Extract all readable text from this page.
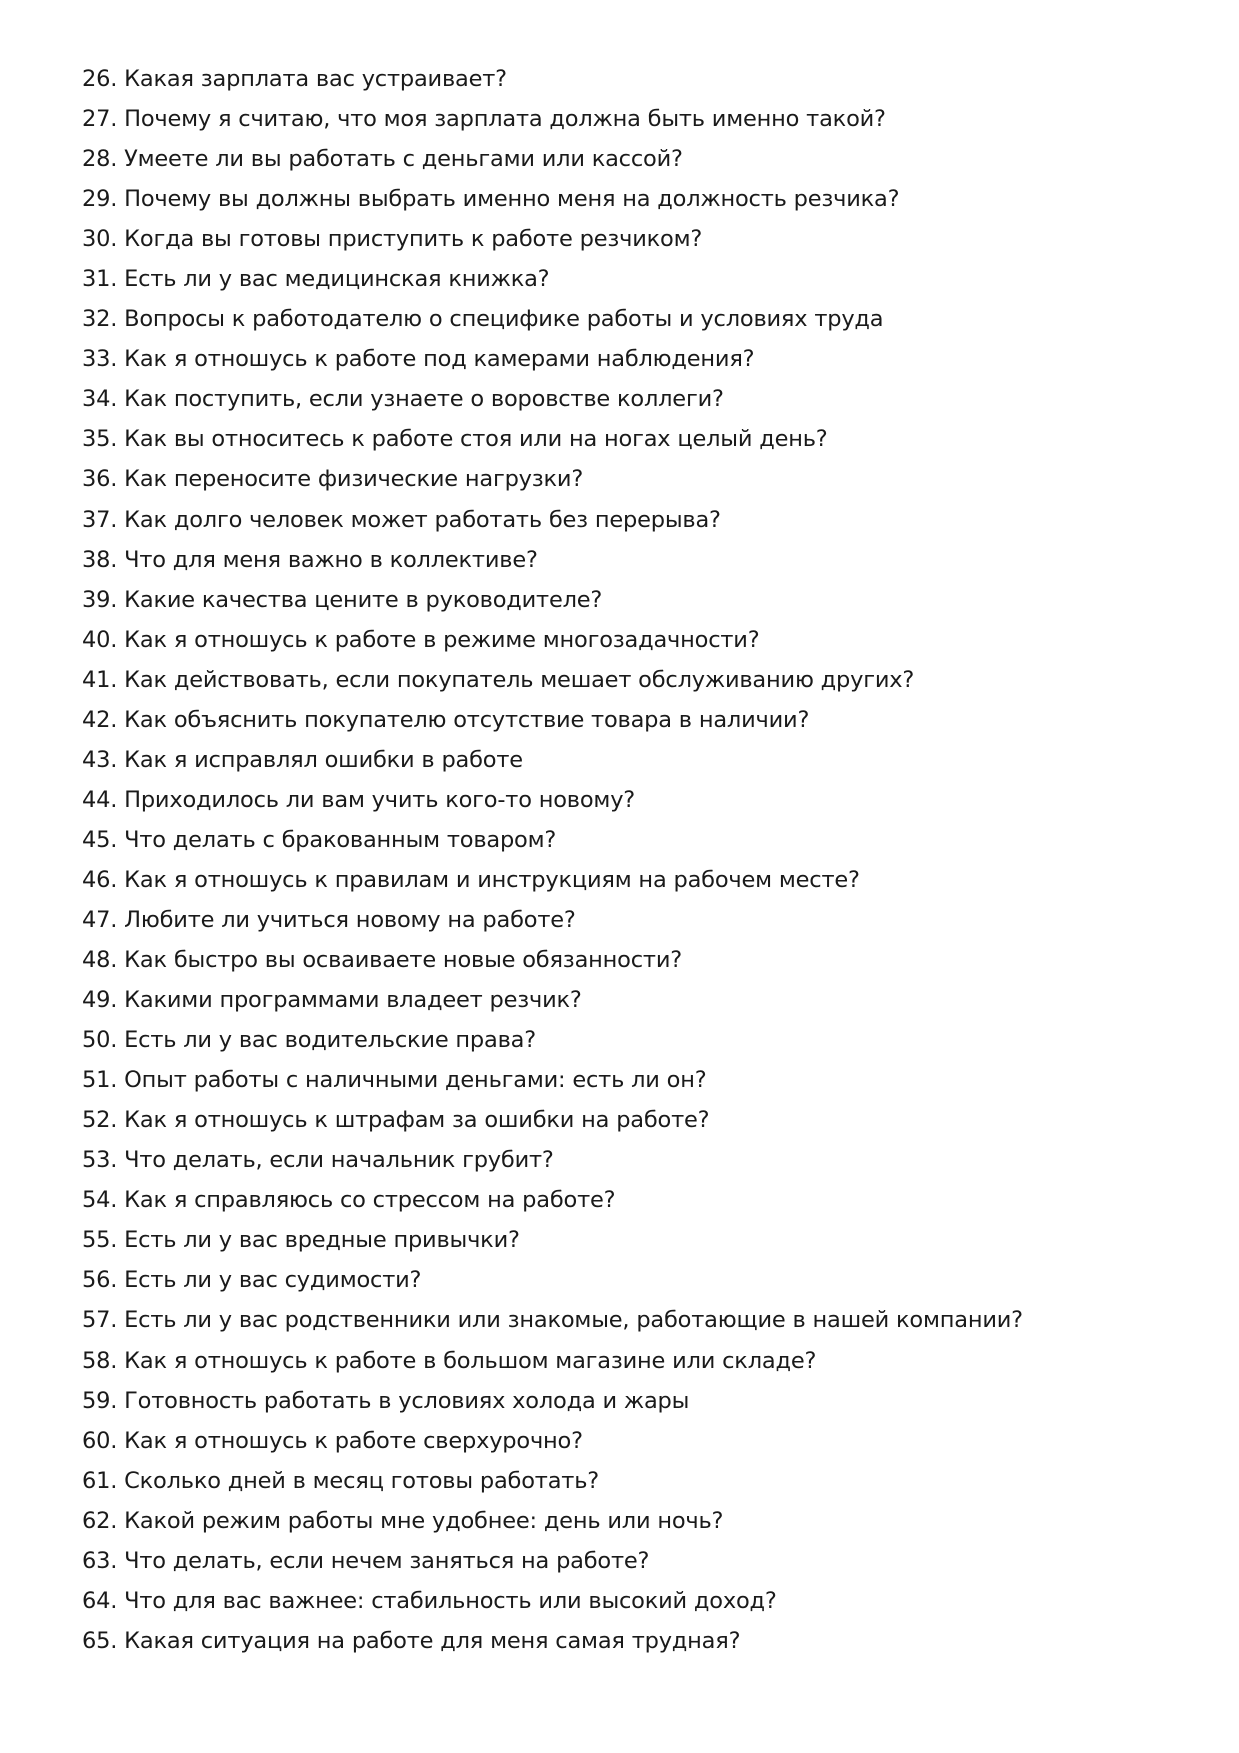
26. Какая зарплата вас устраивает?
27. Почему я считаю, что моя зарплата должна быть именно такой?
28. Умеете ли вы работать с деньгами или кассой?
29. Почему вы должны выбрать именно меня на должность резчика?
30. Когда вы готовы приступить к работе резчиком?
31. Есть ли у вас медицинская книжка?
32. Вопросы к работодателю о специфике работы и условиях труда
33. Как я отношусь к работе под камерами наблюдения?
34. Как поступить, если узнаете о воровстве коллеги?
35. Как вы относитесь к работе стоя или на ногах целый день?
36. Как переносите физические нагрузки?
37. Как долго человек может работать без перерыва?
38. Что для меня важно в коллективе?
39. Какие качества цените в руководителе?
40. Как я отношусь к работе в режиме многозадачности?
41. Как действовать, если покупатель мешает обслуживанию других?
42. Как объяснить покупателю отсутствие товара в наличии?
43. Как я исправлял ошибки в работе
44. Приходилось ли вам учить кого-то новому?
45. Что делать с бракованным товаром?
46. Как я отношусь к правилам и инструкциям на рабочем месте?
47. Любите ли учиться новому на работе?
48. Как быстро вы осваиваете новые обязанности?
49. Какими программами владеет резчик?
50. Есть ли у вас водительские права?
51. Опыт работы с наличными деньгами: есть ли он?
52. Как я отношусь к штрафам за ошибки на работе?
53. Что делать, если начальник грубит?
54. Как я справляюсь со стрессом на работе?
55. Есть ли у вас вредные привычки?
56. Есть ли у вас судимости?
57. Есть ли у вас родственники или знакомые, работающие в нашей компании?
58. Как я отношусь к работе в большом магазине или складе?
59. Готовность работать в условиях холода и жары
60. Как я отношусь к работе сверхурочно?
61. Сколько дней в месяц готовы работать?
62. Какой режим работы мне удобнее: день или ночь?
63. Что делать, если нечем заняться на работе?
64. Что для вас важнее: стабильность или высокий доход?
65. Какая ситуация на работе для меня самая трудная?
